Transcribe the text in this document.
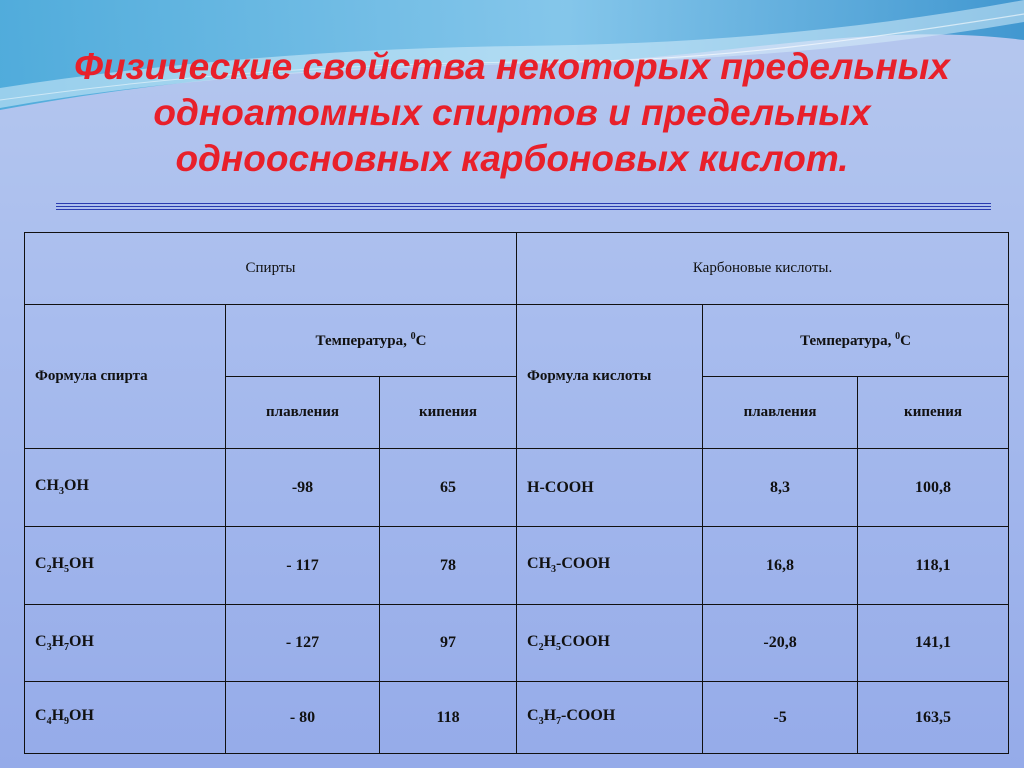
Физические свойства некоторых предельных
одноатомных спиртов и предельных
одноосновных карбоновых кислот.
Спирты			Карбоновые кислоты.		
Формула спирта	Температура, $^0$С		Формула кислоты	Температура, $^0$С	
	плавления	кипения		плавления	кипения
$CH_3OH$	-98	65	H-COOH	8,3	100,8
$C_2H_5OH$	- 117	78	$CH_3$-COOH	16,8	118,1
$C_3H_7OH$	- 127	97	$C_2H_5COOH$	-20,8	141,1
$C_4H_9OH$	- 80	118	$C_3H_7$-COOH	-5	163,5
